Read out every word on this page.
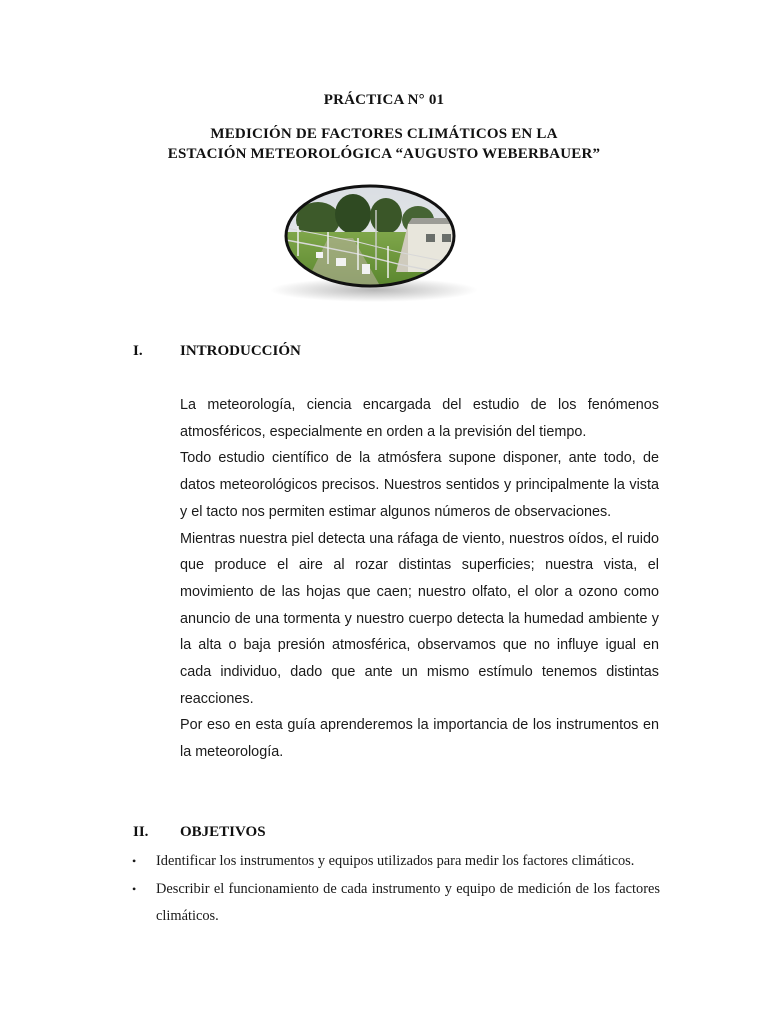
PRÁCTICA N° 01
MEDICIÓN DE FACTORES CLIMÁTICOS EN LA
ESTACIÓN METEOROLÓGICA “AUGUSTO WEBERBAUER”
I. INTRODUCCIÓN

La meteorología, ciencia encargada del estudio de los fenómenos atmosféricos, especialmente en orden a la previsión del tiempo.

Todo estudio científico de la atmósfera supone disponer, ante todo, de datos meteorológicos precisos. Nuestros sentidos y principalmente la vista y el tacto nos permiten estimar algunos números de observaciones.

Mientras nuestra piel detecta una ráfaga de viento, nuestros oídos, el ruido que produce el aire al rozar distintas superficies; nuestra vista, el movimiento de las hojas que caen; nuestro olfato, el olor a ozono como anuncio de una tormenta y nuestro cuerpo detecta la humedad ambiente y la alta o baja presión atmosférica, observamos que no influye igual en cada individuo, dado que ante un mismo estímulo tenemos distintas reacciones.

Por eso en esta guía aprenderemos la importancia de los instrumentos en la meteorología.

II. OBJETIVOS
• Identificar los instrumentos y equipos utilizados para medir los factores climáticos.
• Describir el funcionamiento de cada instrumento y equipo de medición de los factores climáticos.
